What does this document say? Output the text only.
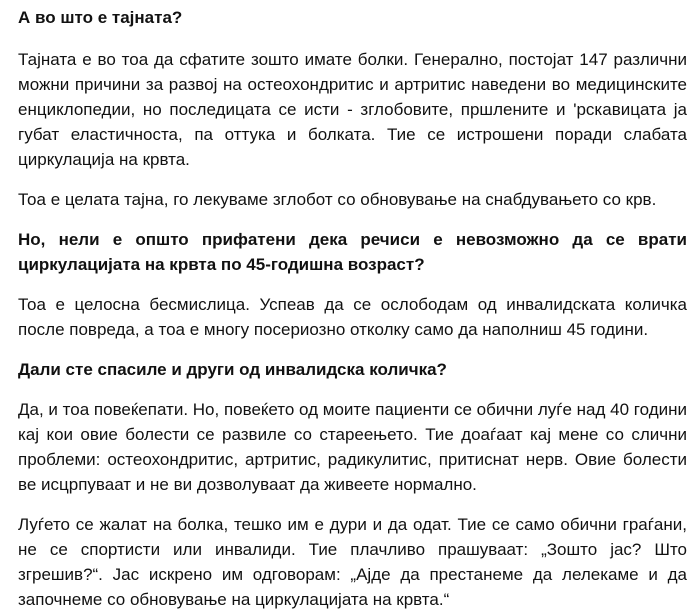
А во што е тајната?

Тајната е во тоа да сфатите зошто имате болки. Генерално, постојат 147 различни можни причини за развој на остеохондритис и артритис наведени во медицинските енциклопедии, но последицата се исти - зглобовите, пршлените и 'рскавицата ја губат еластичноста, па оттука и болката. Тие се истрошени поради слабата циркулација на крвта.

Тоа е целата тајна, го лекуваме зглобот со обновување на снабдувањето со крв.

Но, нели е општо прифатени дека речиси е невозможно да се врати циркулацијата на крвта по 45-годишна возраст?

Тоа е целосна бесмислица. Успеав да се ослободам од инвалидската количка после повреда, а тоа е многу посериозно отколку само да наполниш 45 години.

Дали сте спасиле и други од инвалидска количка?

Да, и тоа повеќепати. Но, повеќето од моите пациенти се обични луѓе над 40 години кај кои овие болести се развиле со стареењето. Тие доаѓаат кај мене со слични проблеми: остеохондритис, артритис, радикулитис, притиснат нерв. Овие болести ве исцрпуваат и не ви дозволуваат да живеете нормално.

Луѓето се жалат на болка, тешко им е дури и да одат. Тие се само обични граѓани, не се спортисти или инвалиди. Тие плачливо прашуваат: „Зошто јас? Што згрешив?“. Јас искрено им одговорам: „Ајде да престанеме да лелекаме и да започнеме со обновување на циркулацијата на крвта.“
